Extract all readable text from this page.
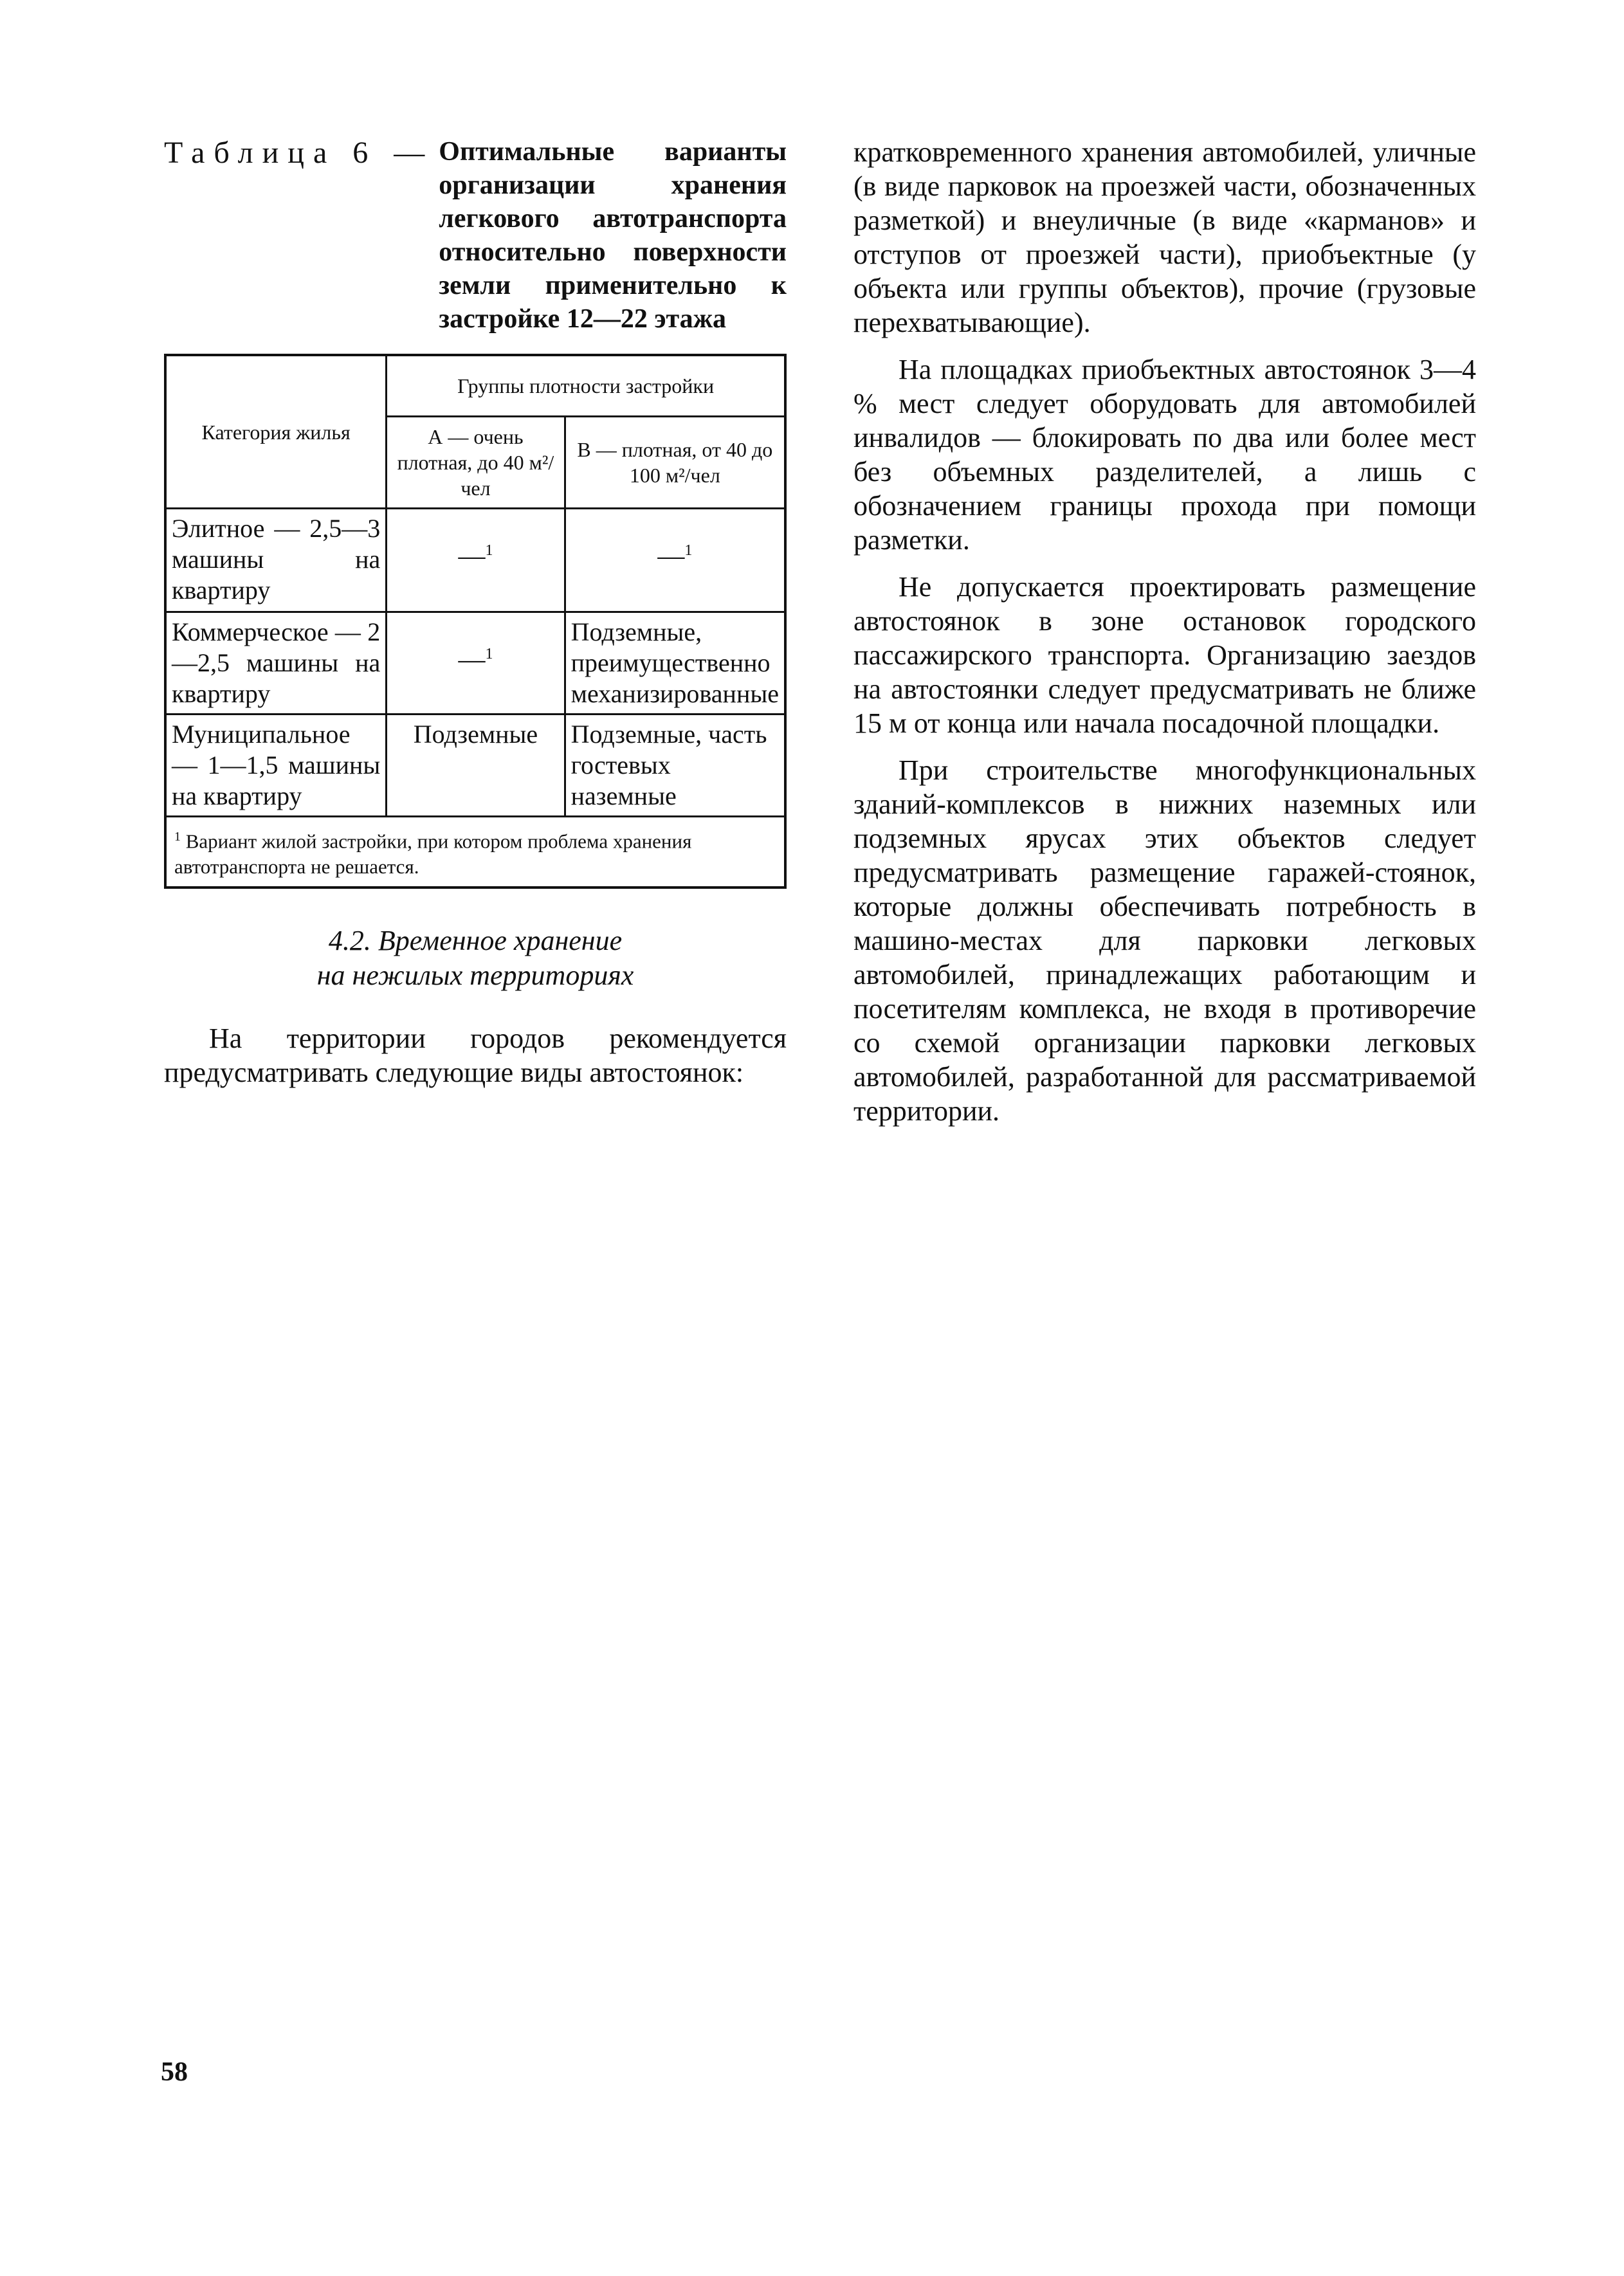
Таблица 6 — Оптимальные варианты организации хранения легкового автотранспорта относительно поверхности земли применительно к застройке 12—22 этажа
Категория жилья	Группы плотности застройки	
	А — очень плотная, до 40 м²/чел	В — плотная, от 40 до 100 м²/чел
Элитное — 2,5—3 машины на квартиру	—$^1$	—$^1$
Коммерческое — 2—2,5 машины на квартиру	—$^1$	Подземные, преимущественно механизированные
Муниципальное — 1—1,5 машины на квартиру	Подземные	Подземные, часть гостевых наземные
$^1$ Вариант жилой застройки, при котором проблема хранения автотранспорта не решается.		
4.2. Временное хранение
на нежилых территориях

На территории городов рекомендуется предусматривать следующие виды автостоянок:

кратковременного хранения автомобилей, уличные (в виде парковок на проезжей части, обозначенных разметкой) и внеуличные (в виде «карманов» и отступов от проезжей части), приобъектные (у объекта или группы объектов), прочие (грузовые перехватывающие).

На площадках приобъектных автостоянок 3—4 % мест следует оборудовать для автомобилей инвалидов — блокировать по два или более мест без объемных разделителей, а лишь с обозначением границы прохода при помощи разметки.

Не допускается проектировать размещение автостоянок в зоне остановок городского пассажирского транспорта. Организацию заездов на автостоянки следует предусматривать не ближе 15 м от конца или начала посадочной площадки.

При строительстве многофункциональных зданий-комплексов в нижних наземных или подземных ярусах этих объектов следует предусматривать размещение гаражей-стоянок, которые должны обеспечивать потребность в машино-местах для парковки легковых автомобилей, принадлежащих работающим и посетителям комплекса, не входя в противоречие со схемой организации парковки легковых автомобилей, разработанной для рассматриваемой территории.

58
